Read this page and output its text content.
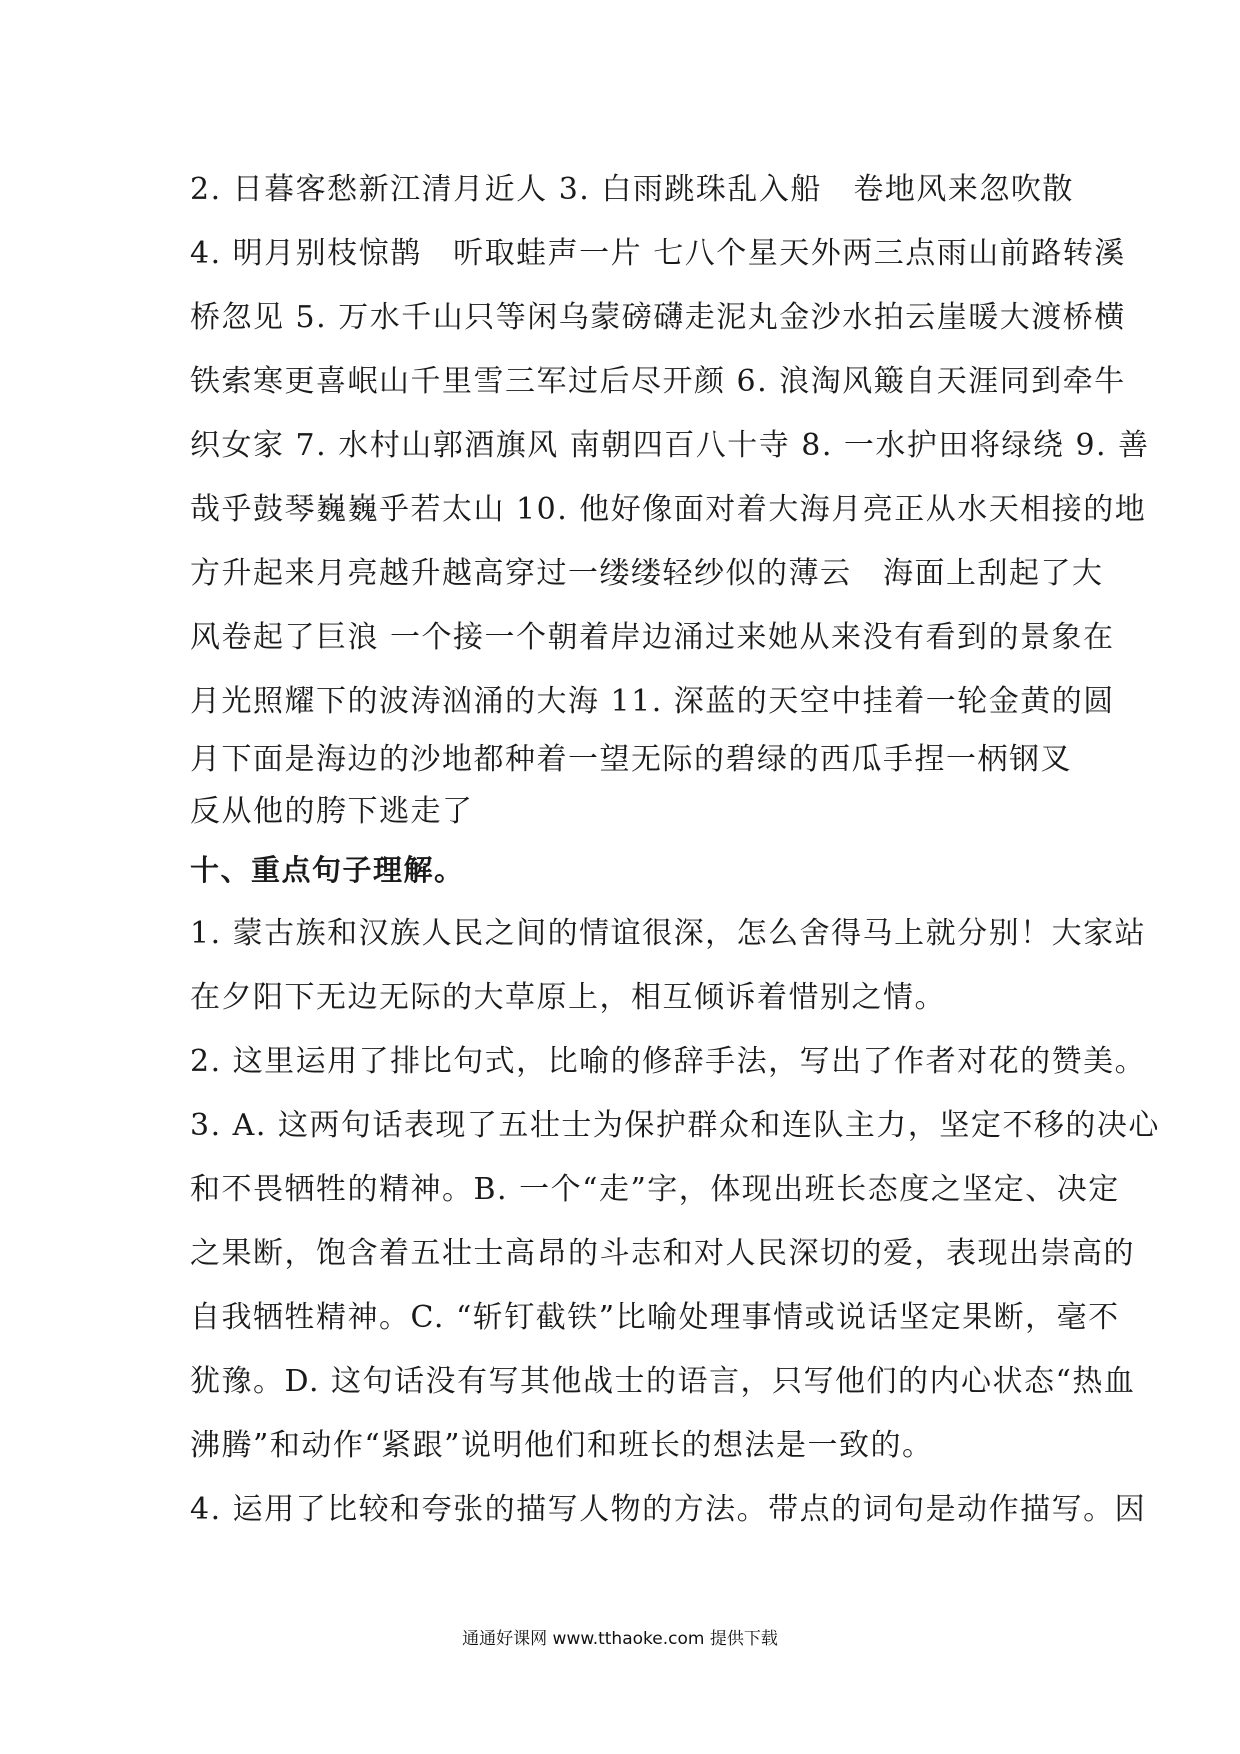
2. 日暮客愁新江清月近人 3. 白雨跳珠乱入船　卷地风来忽吹散
4. 明月别枝惊鹊　听取蛙声一片 七八个星天外两三点雨山前路转溪
桥忽见 5. 万水千山只等闲乌蒙磅礴走泥丸金沙水拍云崖暖大渡桥横
铁索寒更喜岷山千里雪三军过后尽开颜 6. 浪淘风簸自天涯同到牵牛
织女家 7. 水村山郭酒旗风 南朝四百八十寺 8. 一水护田将绿绕 9. 善
哉乎鼓琴巍巍乎若太山 10. 他好像面对着大海月亮正从水天相接的地
方升起来月亮越升越高穿过一缕缕轻纱似的薄云　海面上刮起了大
风卷起了巨浪 一个接一个朝着岸边涌过来她从来没有看到的景象在
月光照耀下的波涛汹涌的大海 11. 深蓝的天空中挂着一轮金黄的圆
月下面是海边的沙地都种着一望无际的碧绿的西瓜手捏一柄钢叉
反从他的胯下逃走了
十、重点句子理解。
1. 蒙古族和汉族人民之间的情谊很深，怎么舍得马上就分别！大家站
在夕阳下无边无际的大草原上，相互倾诉着惜别之情。
2. 这里运用了排比句式，比喻的修辞手法，写出了作者对花的赞美。
3. A. 这两句话表现了五壮士为保护群众和连队主力，坚定不移的决心
和不畏牺牲的精神。B. 一个“走”字，体现出班长态度之坚定、决定
之果断，饱含着五壮士高昂的斗志和对人民深切的爱，表现出崇高的
自我牺牲精神。C. “斩钉截铁”比喻处理事情或说话坚定果断，毫不
犹豫。D. 这句话没有写其他战士的语言，只写他们的内心状态“热血
沸腾”和动作“紧跟”说明他们和班长的想法是一致的。
4. 运用了比较和夸张的描写人物的方法。带点的词句是动作描写。因
通通好课网 www.tthaoke.com 提供下载
